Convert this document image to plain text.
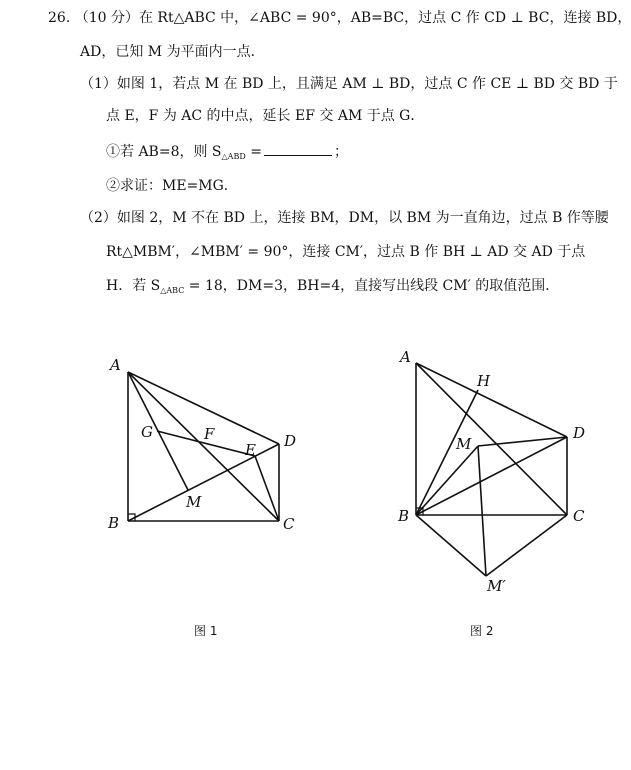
26. （10 分）在 Rt△ABC 中，∠ABC = 90°，AB=BC，过点 C 作 CD ⊥ BC，连接 BD，
AD，已知 M 为平面内一点．
（1）如图 1，若点 M 在 BD 上，且满足 AM ⊥ BD，过点 C 作 CE ⊥ BD 交 BD 于
点 E，F 为 AC 的中点，延长 EF 交 AM 于点 G．
①若 AB=8，则 $S_{\triangle ABD}$ =	；
②求证：ME=MG．
（2）如图 2，M 不在 BD 上，连接 BM，DM，以 BM 为一直角边，过点 B 作等腰
Rt△MBM′，∠MBM′ = 90°，连接 CM′，过点 B 作 BH ⊥ AD 交 AD 于点
H．若 $S_{\triangle ABC} = 18$，DM=3，BH=4，直接写出线段 CM′ 的取值范围．
A
B	C
D
E
F
G
M
图 1
A
B	C
D
H
M
M′
图 2
